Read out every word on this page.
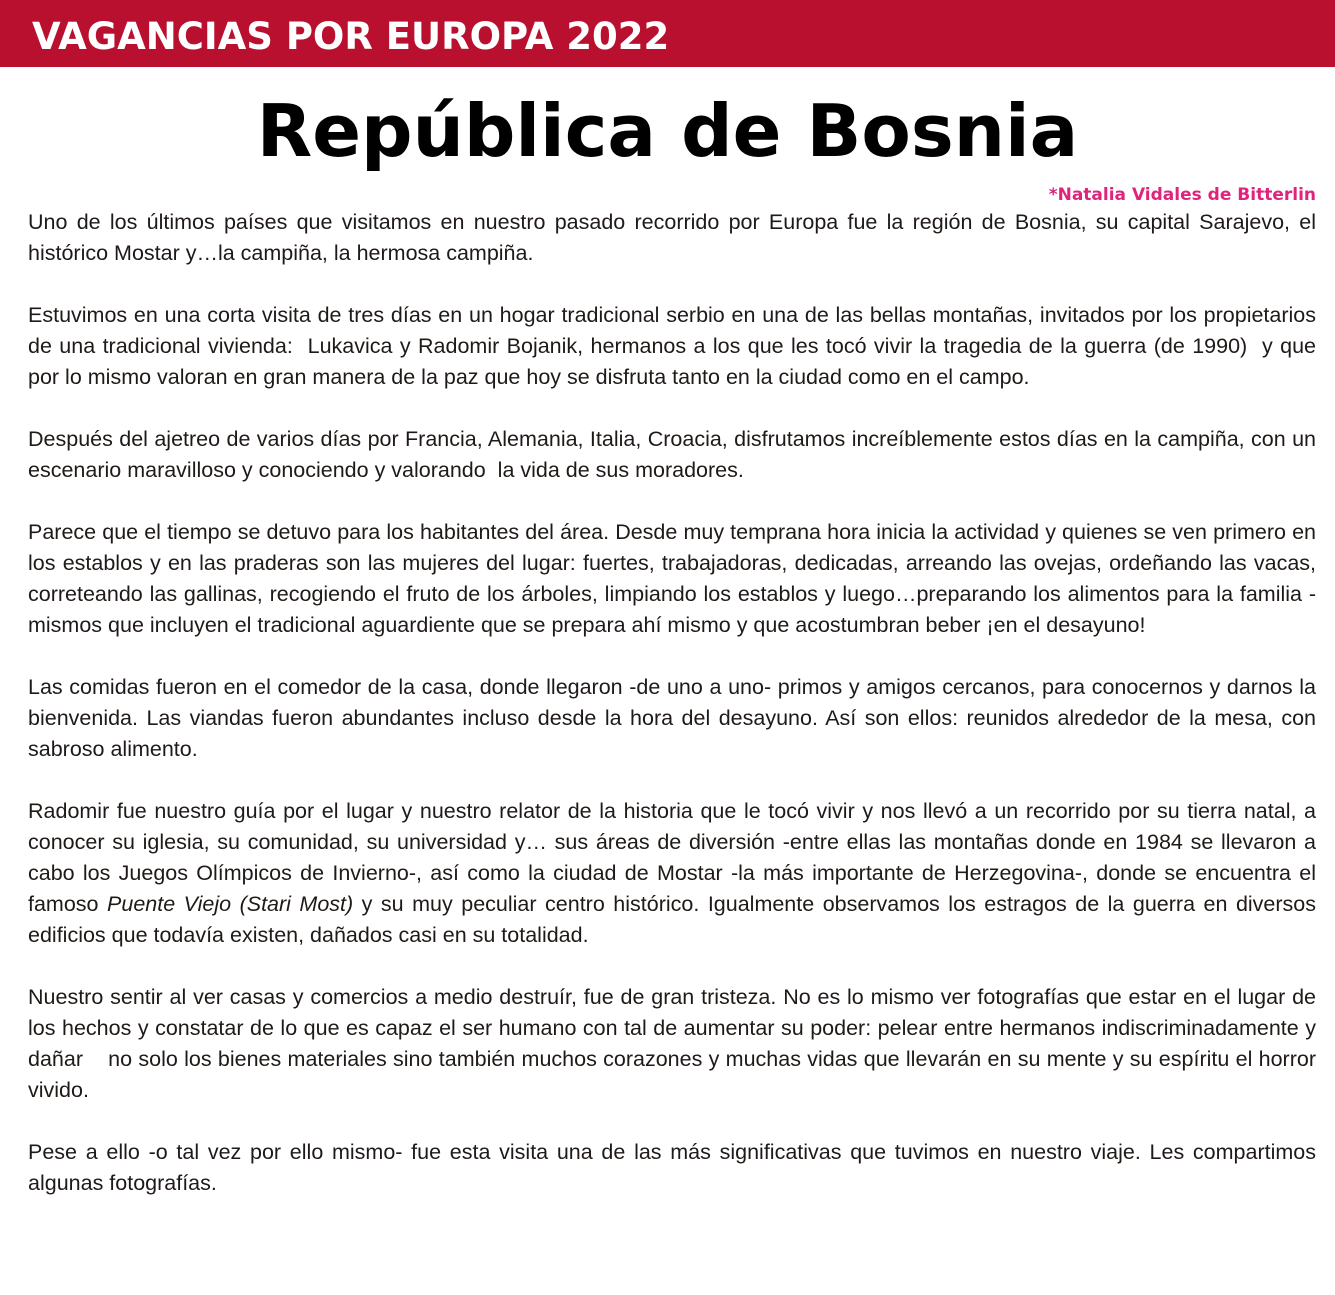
VAGANCIAS POR EUROPA 2022
República de Bosnia
*Natalia Vidales de Bitterlin

Uno de los últimos países que visitamos en nuestro pasado recorrido por Europa fue la región de Bosnia, su capital Sarajevo, el histórico Mostar y…la campiña, la hermosa campiña.

Estuvimos en una corta visita de tres días en un hogar tradicional serbio en una de las bellas montañas, invitados por los propietarios de una tradicional vivienda:  Lukavica y Radomir Bojanik, hermanos a los que les tocó vivir la tragedia de la guerra (de 1990)  y que por lo mismo valoran en gran manera de la paz que hoy se disfruta tanto en la ciudad como en el campo.

Después del ajetreo de varios días por Francia, Alemania, Italia, Croacia, disfrutamos increíblemente estos días en la campiña, con un escenario maravilloso y conociendo y valorando  la vida de sus moradores.

Parece que el tiempo se detuvo para los habitantes del área. Desde muy temprana hora inicia la actividad y quienes se ven primero en los establos y en las praderas son las mujeres del lugar: fuertes, trabajadoras, dedicadas, arreando las ovejas, ordeñando las vacas, correteando las gallinas, recogiendo el fruto de los árboles, limpiando los establos y luego…preparando los alimentos para la familia -mismos que incluyen el tradicional aguardiente que se prepara ahí mismo y que acostumbran beber ¡en el desayuno!

Las comidas fueron en el comedor de la casa, donde llegaron -de uno a uno- primos y amigos cercanos, para conocernos y darnos la bienvenida. Las viandas fueron abundantes incluso desde la hora del desayuno. Así son ellos: reunidos alrededor de la mesa, con sabroso alimento.

Radomir fue nuestro guía por el lugar y nuestro relator de la historia que le tocó vivir y nos llevó a un recorrido por su tierra natal, a conocer su iglesia, su comunidad, su universidad y… sus áreas de diversión -entre ellas las montañas donde en 1984 se llevaron a cabo los Juegos Olímpicos de Invierno-, así como la ciudad de Mostar -la más importante de Herzegovina-, donde se encuentra el famoso Puente Viejo (Stari Most) y su muy peculiar centro histórico. Igualmente observamos los estragos de la guerra en diversos edificios que todavía existen, dañados casi en su totalidad.

Nuestro sentir al ver casas y comercios a medio destruír, fue de gran tristeza. No es lo mismo ver fotografías que estar en el lugar de los hechos y constatar de lo que es capaz el ser humano con tal de aumentar su poder: pelear entre hermanos indiscriminadamente y dañar    no solo los bienes materiales sino también muchos corazones y muchas vidas que llevarán en su mente y su espíritu el horror vivido.

Pese a ello -o tal vez por ello mismo- fue esta visita una de las más significativas que tuvimos en nuestro viaje. Les compartimos algunas fotografías.
